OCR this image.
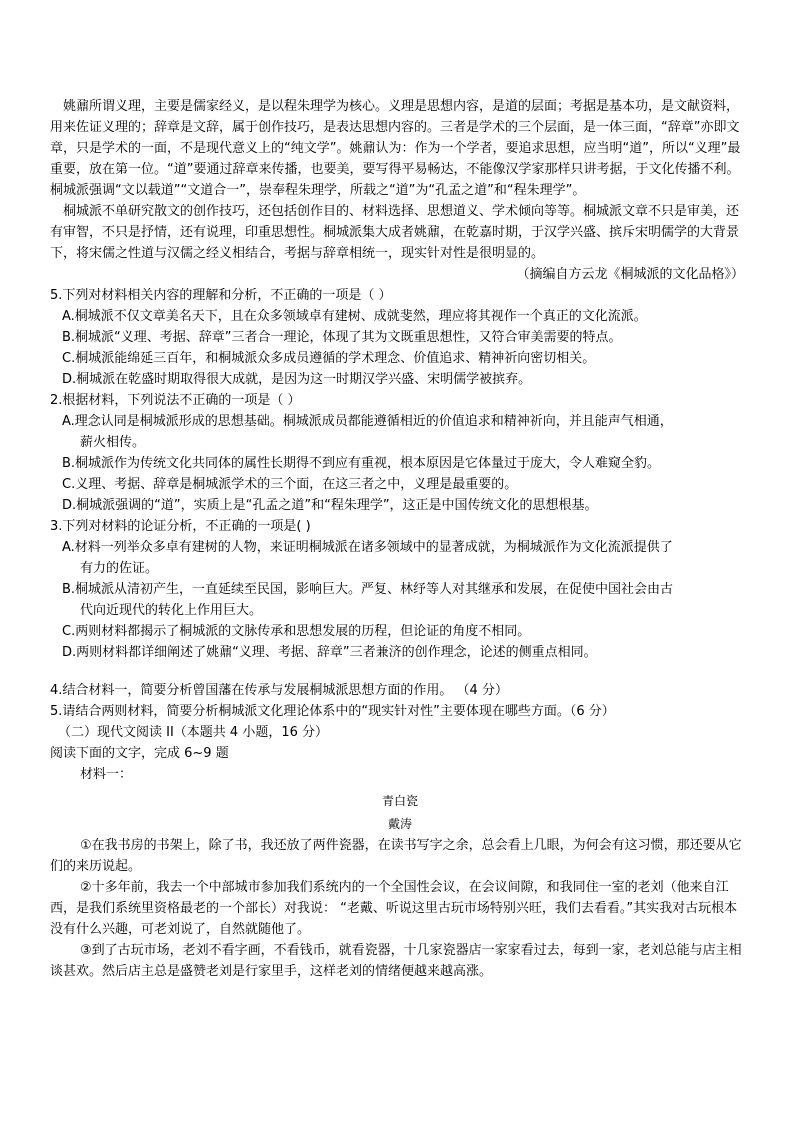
姚鼐所谓义理，主要是儒家经义，是以程朱理学为核心。义理是思想内容，是道的层面；考据是基本功，是文献资料，用来佐证义理的；辞章是文辞，属于创作技巧，是表达思想内容的。三者是学术的三个层面，是一体三面，“辞章”亦即文章，只是学术的一面，不是现代意义上的“纯文学”。姚鼐认为：作为一个学者，要追求思想，应当明“道”，所以“义理”最重要，放在第一位。“道”要通过辞章来传播，也要美，要写得平易畅达，不能像汉学家那样只讲考据，于文化传播不利。桐城派强调“文以载道”“文道合一”，崇奉程朱理学，所载之“道”为“孔孟之道”和“程朱理学”。

桐城派不单研究散文的创作技巧，还包括创作目的、材料选择、思想道义、学术倾向等等。桐城派文章不只是审美，还有审智，不只是抒情，还有说理，印重思想性。桐城派集大成者姚鼐，在乾嘉时期，于汉学兴盛、摈斥宋明儒学的大背景下，将宋儒之性道与汉儒之经义相结合，考据与辞章相统一，现实针对性是很明显的。

（摘编自方云龙《桐城派的文化品格》）

5.下列对材料相关内容的理解和分析，不正确的一项是（ ）

A.桐城派不仅文章美名天下，且在众多领域卓有建树、成就斐然，理应将其视作一个真正的文化流派。

B.桐城派“义理、考据、辞章”三者合一理论，体现了其为文既重思想性，又符合审美需要的特点。

C.桐城派能绵延三百年，和桐城派众多成员遵循的学术理念、价值追求、精神祈向密切相关。

D.桐城派在乾盛时期取得很大成就，是因为这一时期汉学兴盛、宋明儒学被摈弃。

2.根据材料，下列说法不正确的一项是（ ）

A.理念认同是桐城派形成的思想基础。桐城派成员都能遵循相近的价值追求和精神祈向，并且能声气相通，

薪火相传。

B.桐城派作为传统文化共同体的属性长期得不到应有重视，根本原因是它体量过于庞大，令人难窥全豹。

C.义理、考据、辞章是桐城派学术的三个面，在这三者之中，义理是最重要的。

D.桐城派强调的“道”，实质上是“孔孟之道”和“程朱理学”，这正是中国传统文化的思想根基。

3.下列对材料的论证分析，不正确的一项是( )

A.材料一列举众多卓有建树的人物，来证明桐城派在诸多领域中的显著成就，为桐城派作为文化流派提供了

有力的佐证。

B.桐城派从清初产生，一直延续至民国，影响巨大。严复、林纾等人对其继承和发展，在促使中国社会由古

代向近现代的转化上作用巨大。

C.两则材料都揭示了桐城派的文脉传承和思想发展的历程，但论证的角度不相同。

D.两则材料都详细阐述了姚鼐“义理、考据、辞章”三者兼济的创作理念，论述的侧重点相同。

4.结合材料一，简要分析曾国藩在传承与发展桐城派思想方面的作用。 （4 分）

5.请结合两则材料，简要分析桐城派文化理论体系中的“现实针对性”主要体现在哪些方面。（6 分）

（二）现代文阅读 II（本题共 4 小题，16 分）

阅读下面的文字，完成 6~9 题

材料一：

青白瓷

戴涛

①在我书房的书架上，除了书，我还放了两件瓷器，在读书写字之余，总会看上几眼，为何会有这习惯，那还要从它们的来历说起。

②十多年前，我去一个中部城市参加我们系统内的一个全国性会议，在会议间隙，和我同住一室的老刘（他来自江西，是我们系统里资格最老的一个部长）对我说： “老戴、听说这里古玩市场特别兴旺，我们去看看。”其实我对古玩根本没有什么兴趣，可老刘说了，自然就随他了。

③到了古玩市场，老刘不看字画，不看钱币，就看瓷器，十几家瓷器店一家家看过去，每到一家，老刘总能与店主相谈甚欢。然后店主总是盛赞老刘是行家里手，这样老刘的情绪便越来越高涨。
